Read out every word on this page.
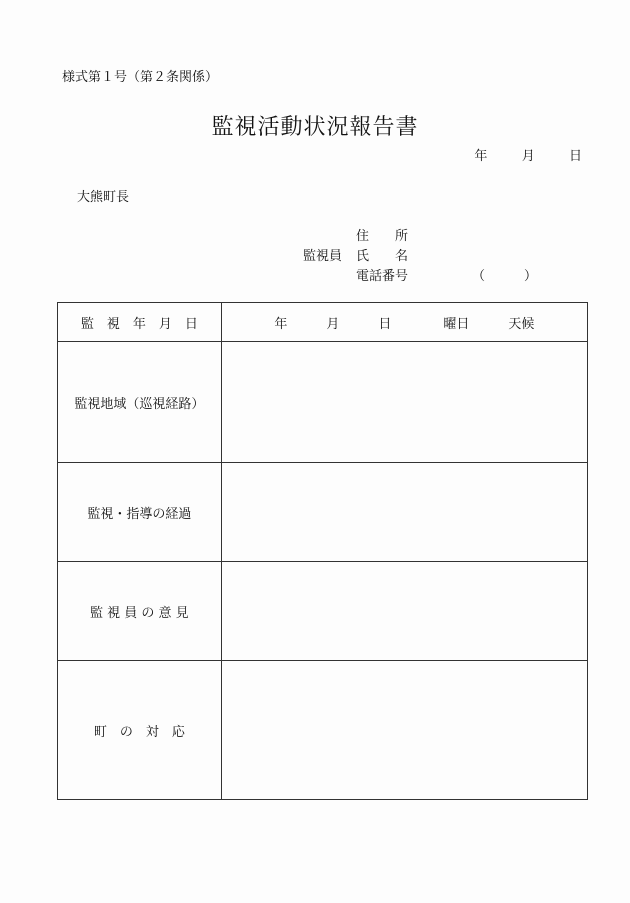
様式第１号（第２条関係）
監視活動状況報告書
年	月	日
大熊町長
住　　所
監視員 氏　　名
電話番号	（　　　）
監　視　年　月　日	年　　　月　　　日　　　　曜日　　　天候
監視地域（巡視経路）	
監視・指導の経過	
監 視 員 の 意 見	
町　の　対　応	
